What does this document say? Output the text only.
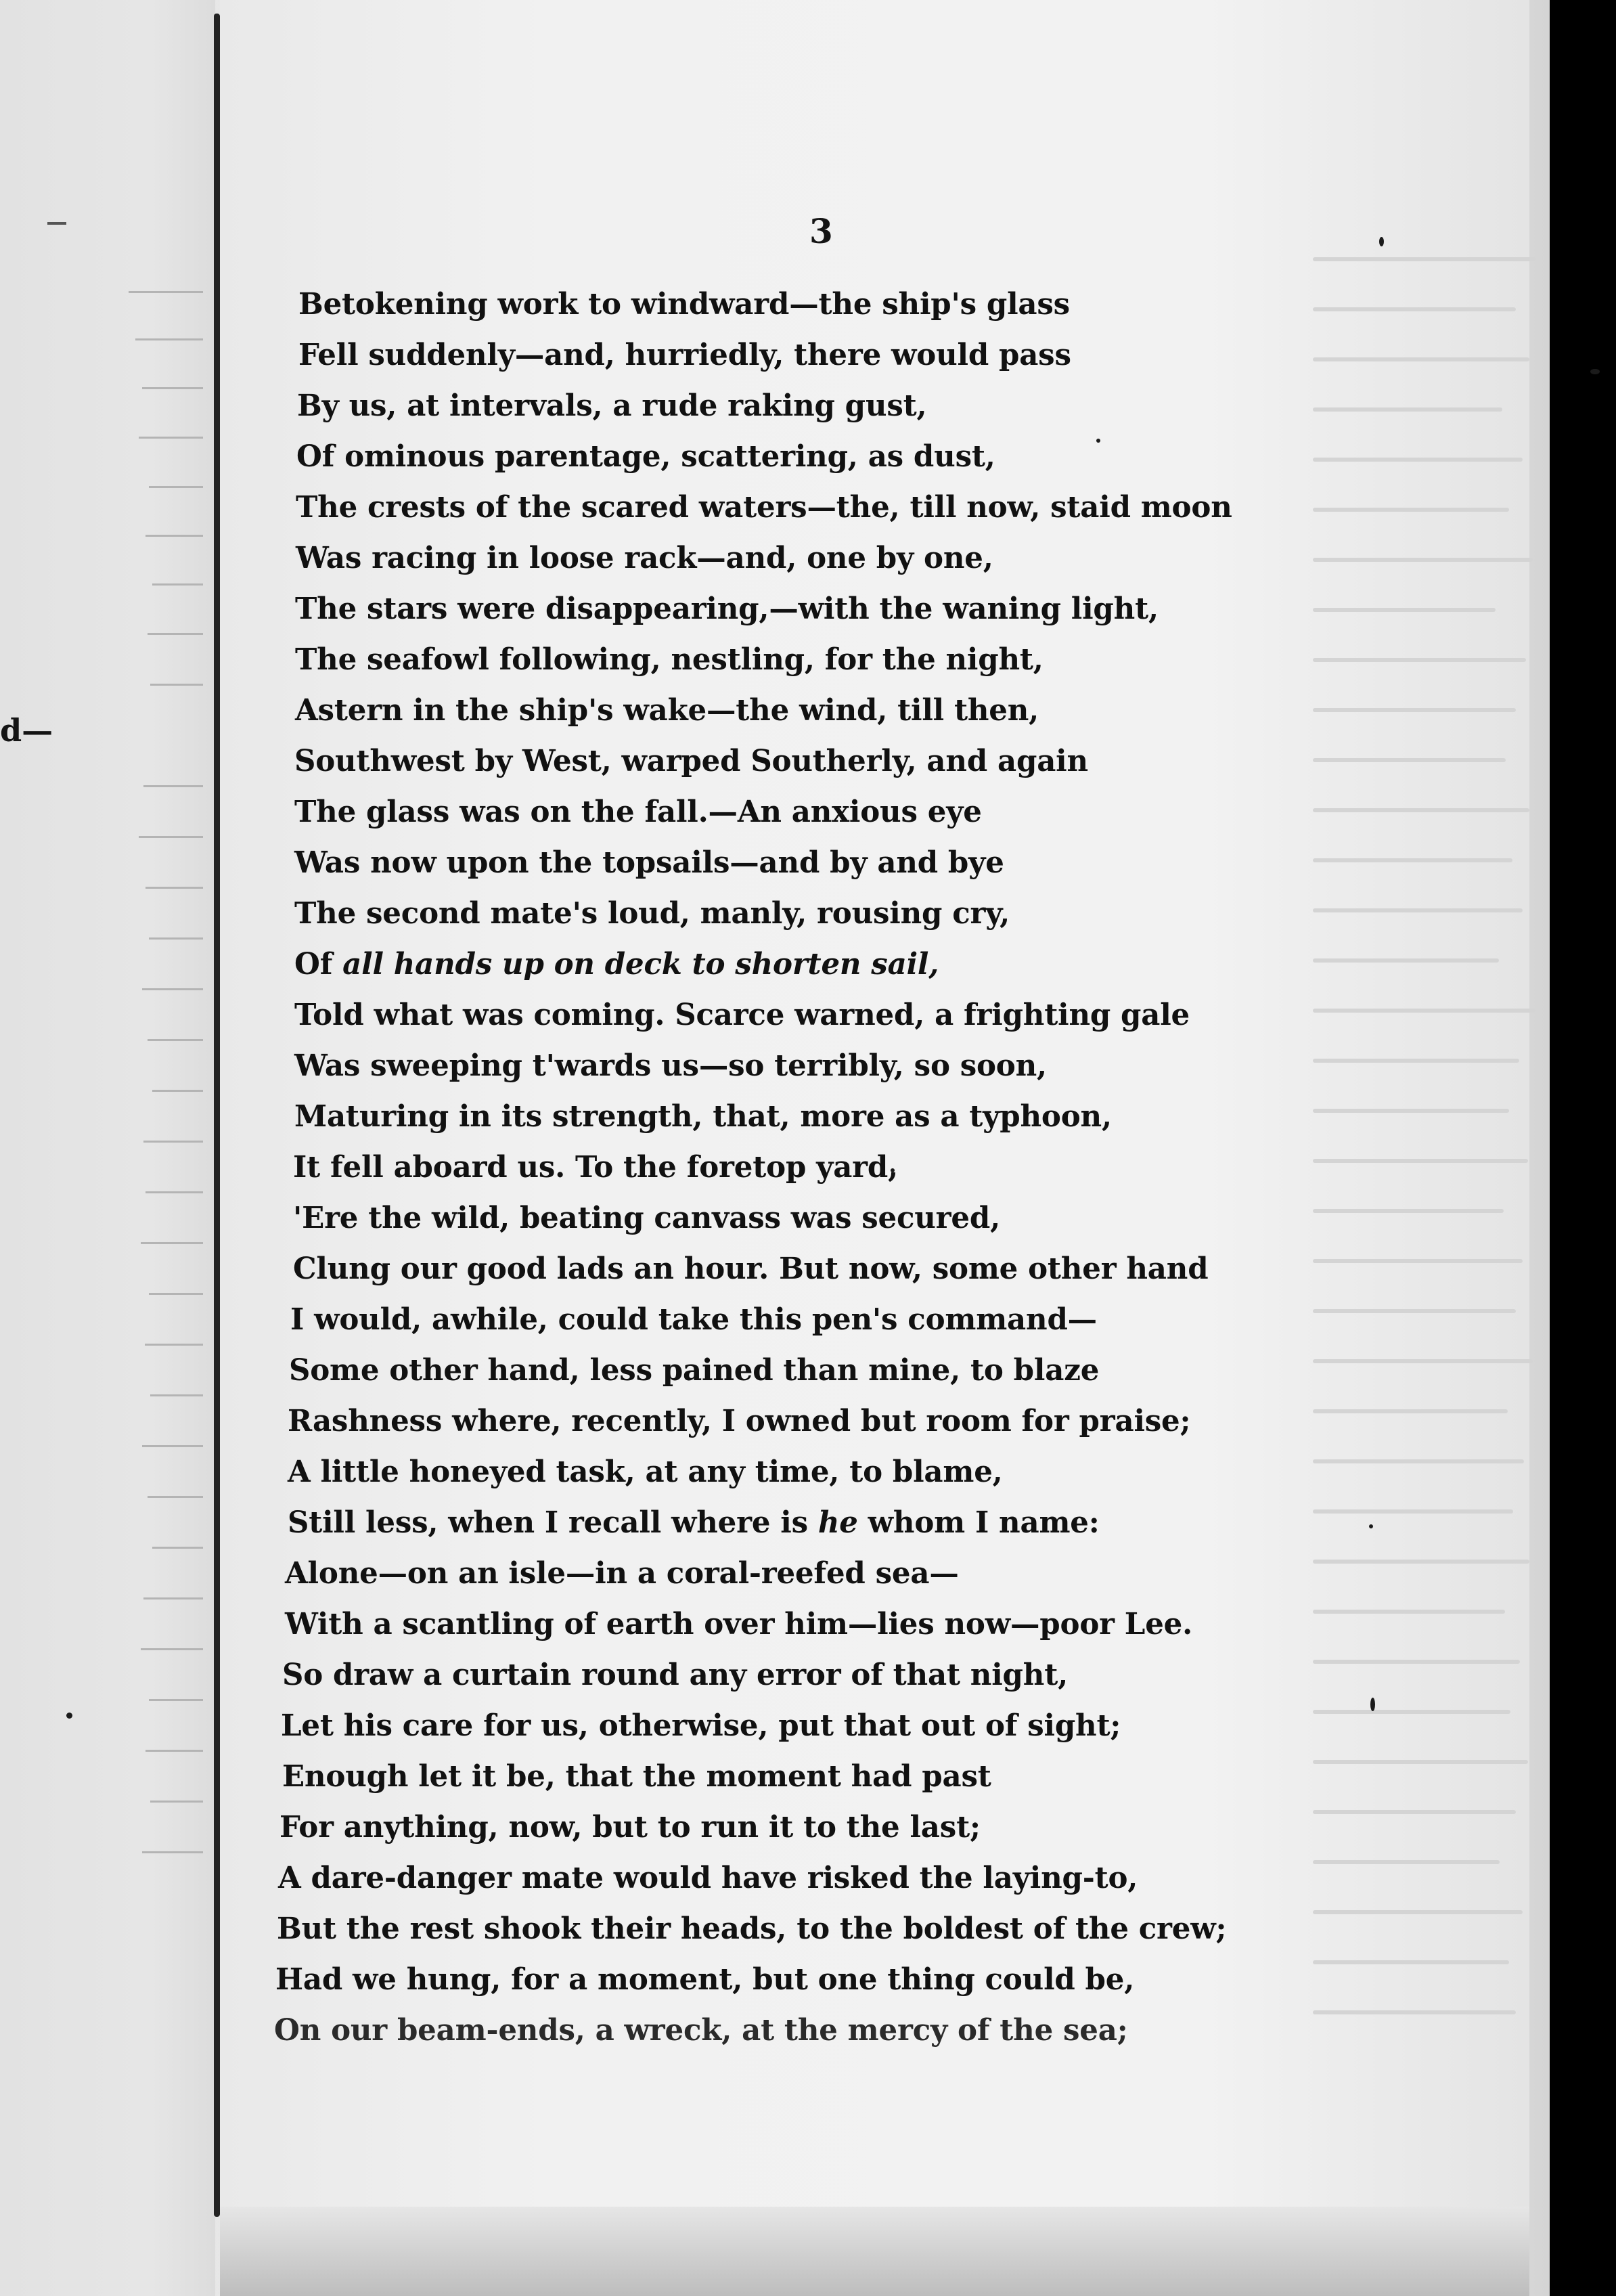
d—
3
Betokening work to windward—the ship's glass
Fell suddenly—and, hurriedly, there would pass
By us, at intervals, a rude raking gust,
Of ominous parentage, scattering, as dust,
The crests of the scared waters—the, till now, staid moon
Was racing in loose rack—and, one by one,
The stars were disappearing,—with the waning light,
The seafowl following, nestling, for the night,
Astern in the ship's wake—the wind, till then,
Southwest by West, warped Southerly, and again
The glass was on the fall.—An anxious eye
Was now upon the topsails—and by and bye
The second mate's loud, manly, rousing cry,
Of all hands up on deck to shorten sail,
Told what was coming. Scarce warned, a frighting gale
Was sweeping t'wards us—so terribly, so soon,
Maturing in its strength, that, more as a typhoon,
It fell aboard us. To the foretop yard,
'Ere the wild, beating canvass was secured,
Clung our good lads an hour. But now, some other hand
I would, awhile, could take this pen's command—
Some other hand, less pained than mine, to blaze
Rashness where, recently, I owned but room for praise;
A little honeyed task, at any time, to blame,
Still less, when I recall where is he whom I name:
Alone—on an isle—in a coral-reefed sea—
With a scantling of earth over him—lies now—poor Lee.
So draw a curtain round any error of that night,
Let his care for us, otherwise, put that out of sight;
Enough let it be, that the moment had past
For anything, now, but to run it to the last;
A dare-danger mate would have risked the laying-to,
But the rest shook their heads, to the boldest of the crew;
Had we hung, for a moment, but one thing could be,
On our beam-ends, a wreck, at the mercy of the sea;
